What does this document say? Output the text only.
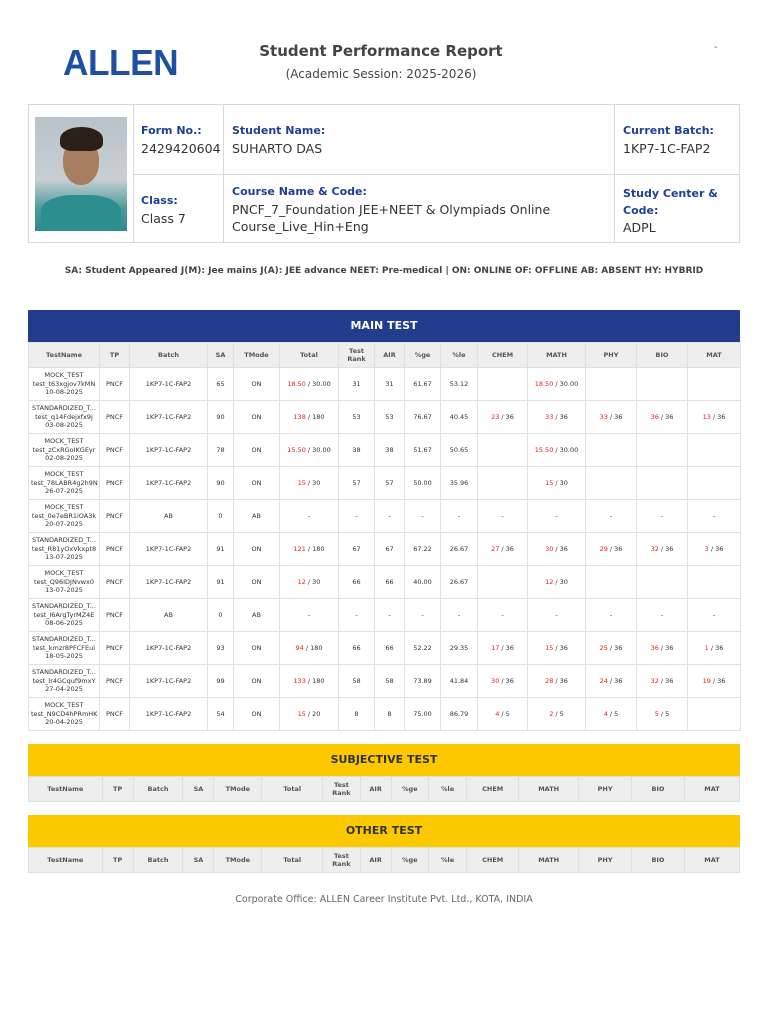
ALLEN	Student Performance Report
(Academic Session: 2025-2026)
-
Form No.:
2429420604
Student Name:
SUHARTO DAS
Current Batch:
1KP7-1C-FAP2
Class:
Class 7
Course Name & Code:
PNCF_7_Foundation JEE+NEET & Olympiads Online Course_Live_Hin+Eng
Study Center & Code:
ADPL
SA: Student Appeared J(M): Jee mains J(A): JEE advance NEET: Pre-medical | ON: ONLINE OF: OFFLINE AB: ABSENT HY: HYBRID
MAIN TEST
TestName	TP	Batch	SA	TMode	Total	Test Rank	AIR	%ge	%le	CHEM	MATH	PHY	BIO	MAT
MOCK_TEST test_t63xgjov7kMN 10-08-2025	PNCF	1KP7-1C-FAP2	65	ON	18.50 / 30.00	31	31	61.67	53.12		18.50 / 30.00			
STANDARDIZED_T... test_q14Fdejxfx9j 03-08-2025	PNCF	1KP7-1C-FAP2	90	ON	138 / 180	53	53	76.67	40.45	23 / 36	33 / 36	33 / 36	36 / 36	13 / 36
MOCK_TEST test_zCxRGoIKGEyr 02-08-2025	PNCF	1KP7-1C-FAP2	78	ON	15.50 / 30.00	38	38	51.67	50.65		15.50 / 30.00			
MOCK_TEST test_78LABR4g2h9N 26-07-2025	PNCF	1KP7-1C-FAP2	90	ON	15 / 30	57	57	50.00	35.96		15 / 30			
MOCK_TEST test_0e7eBR1iOA3k 20-07-2025	PNCF	AB	0	AB	-	-	-	-	-	-	-	-	-	-
STANDARDIZED_T... test_R81yOxVkxpt8 13-07-2025	PNCF	1KP7-1C-FAP2	91	ON	121 / 180	67	67	67.22	26.67	27 / 36	30 / 36	29 / 36	32 / 36	3 / 36
MOCK_TEST test_Q96IDJNvwx0 13-07-2025	PNCF	1KP7-1C-FAP2	91	ON	12 / 30	66	66	40.00	26.67		12 / 30			
STANDARDIZED_T... test_I6ArgTyrMZ4E 08-06-2025	PNCF	AB	0	AB	-	-	-	-	-	-	-	-	-	-
STANDARDIZED_T... test_kmzr8PFCFEui 18-05-2025	PNCF	1KP7-1C-FAP2	93	ON	94 / 180	66	66	52.22	29.35	17 / 36	15 / 36	25 / 36	36 / 36	1 / 36
STANDARDIZED_T... test_Ir4GCquf9mxY 27-04-2025	PNCF	1KP7-1C-FAP2	99	ON	133 / 180	58	58	73.89	41.84	30 / 36	28 / 36	24 / 36	32 / 36	19 / 36
MOCK_TEST test_N9CD4hPRmHK 20-04-2025	PNCF	1KP7-1C-FAP2	54	ON	15 / 20	8	8	75.00	86.79	4 / 5	2 / 5	4 / 5	5 / 5	
SUBJECTIVE TEST
TestName	TP	Batch	SA	TMode	Total	Test Rank	AIR	%ge	%le	CHEM	MATH	PHY	BIO	MAT
OTHER TEST
TestName	TP	Batch	SA	TMode	Total	Test Rank	AIR	%ge	%le	CHEM	MATH	PHY	BIO	MAT
Corporate Office: ALLEN Career Institute Pvt. Ltd., KOTA, INDIA
